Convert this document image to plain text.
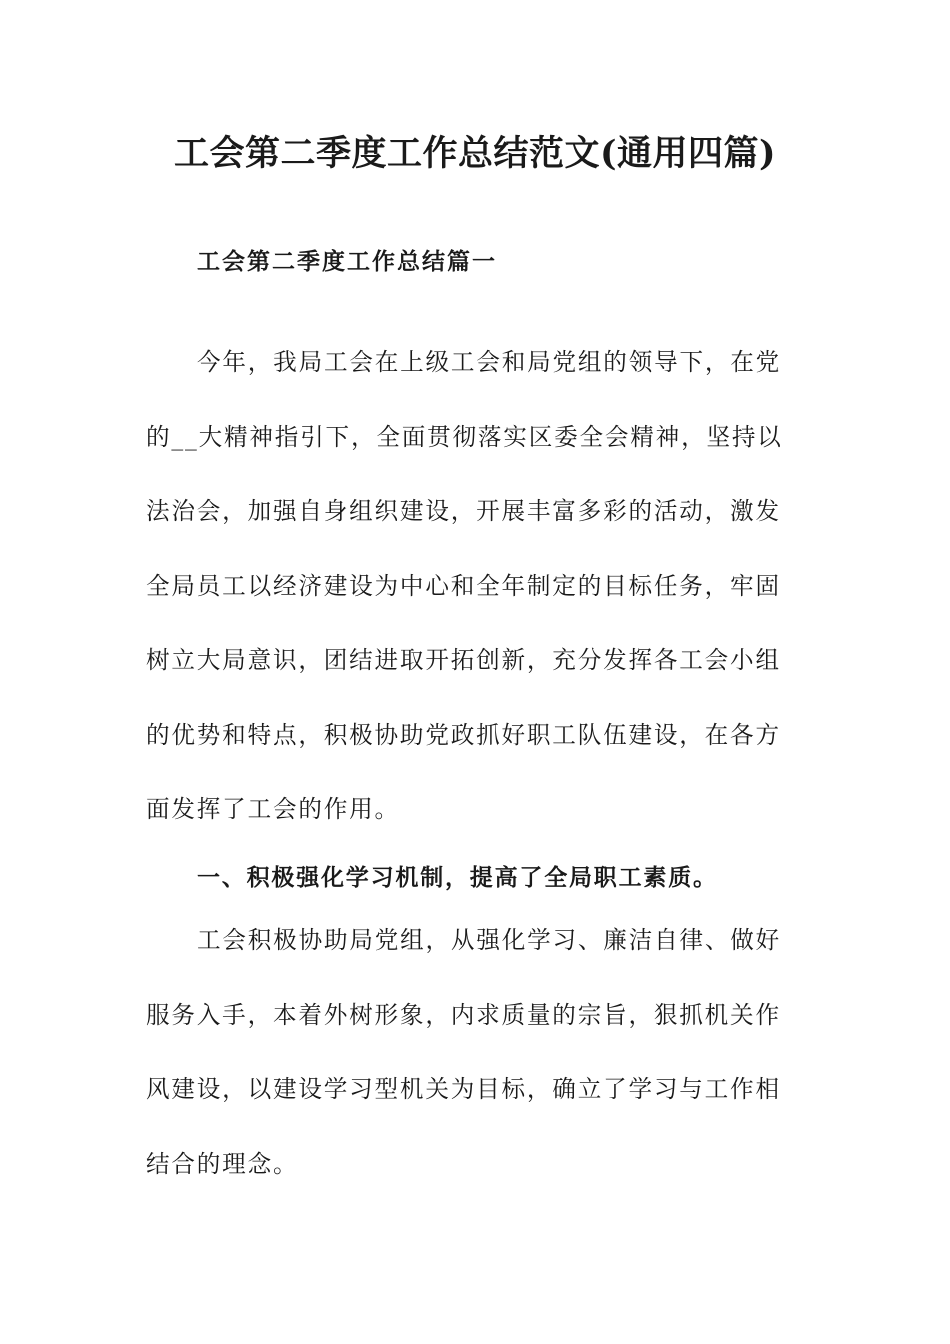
工会第二季度工作总结范文(通用四篇)
工会第二季度工作总结篇一
今年，我局工会在上级工会和局党组的领导下，在党
的__大精神指引下，全面贯彻落实区委全会精神，坚持以
法治会，加强自身组织建设，开展丰富多彩的活动，激发
全局员工以经济建设为中心和全年制定的目标任务，牢固
树立大局意识，团结进取开拓创新，充分发挥各工会小组
的优势和特点，积极协助党政抓好职工队伍建设，在各方
面发挥了工会的作用。
一、积极强化学习机制，提高了全局职工素质。
工会积极协助局党组，从强化学习、廉洁自律、做好
服务入手，本着外树形象，内求质量的宗旨，狠抓机关作
风建设，以建设学习型机关为目标，确立了学习与工作相
结合的理念。
